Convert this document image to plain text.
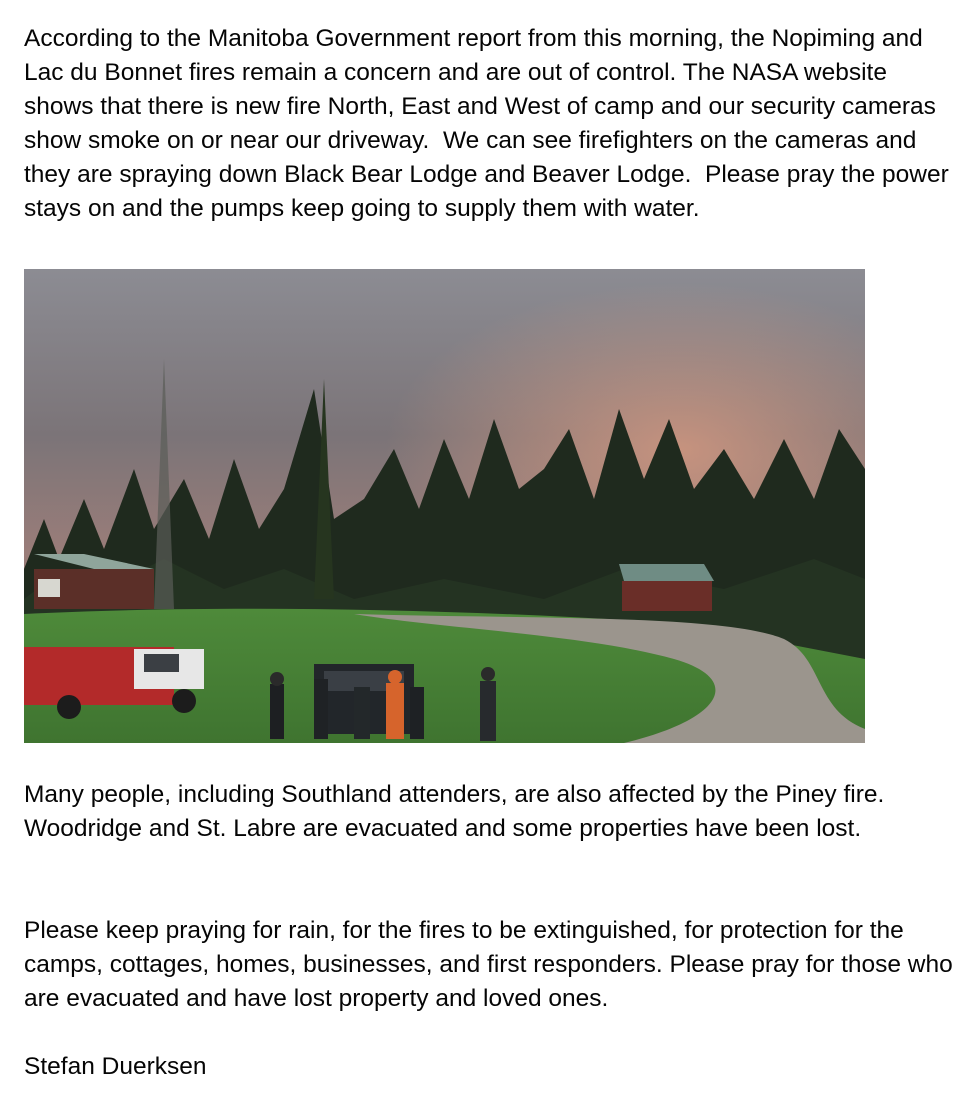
According to the Manitoba Government report from this morning, the Nopiming and Lac du Bonnet fires remain a concern and are out of control. The NASA website shows that there is new fire North, East and West of camp and our security cameras show smoke on or near our driveway.  We can see firefighters on the cameras and they are spraying down Black Bear Lodge and Beaver Lodge.  Please pray the power stays on and the pumps keep going to supply them with water.

Many people, including Southland attenders, are also affected by the Piney fire.  Woodridge and St. Labre are evacuated and some properties have been lost.

Please keep praying for rain, for the fires to be extinguished, for protection for the camps, cottages, homes, businesses, and first responders. Please pray for those who are evacuated and have lost property and loved ones.

Stefan Duerksen
